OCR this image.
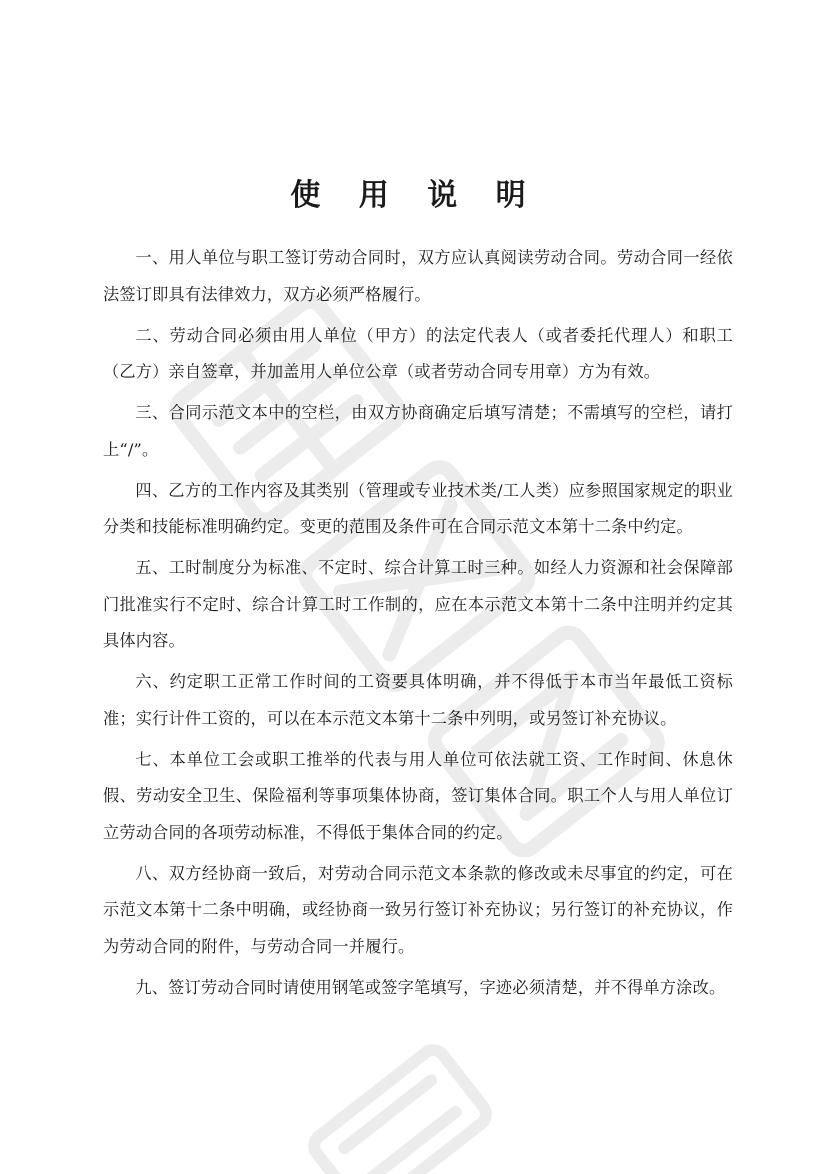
使 用 说 明

一、用人单位与职工签订劳动合同时，双方应认真阅读劳动合同。劳动合同一经依法签订即具有法律效力，双方必须严格履行。

二、劳动合同必须由用人单位（甲方）的法定代表人（或者委托代理人）和职工（乙方）亲自签章，并加盖用人单位公章（或者劳动合同专用章）方为有效。

三、合同示范文本中的空栏，由双方协商确定后填写清楚；不需填写的空栏，请打上“/”。

四、乙方的工作内容及其类别（管理或专业技术类/工人类）应参照国家规定的职业分类和技能标准明确约定。变更的范围及条件可在合同示范文本第十二条中约定。

五、工时制度分为标准、不定时、综合计算工时三种。如经人力资源和社会保障部门批准实行不定时、综合计算工时工作制的，应在本示范文本第十二条中注明并约定其具体内容。

六、约定职工正常工作时间的工资要具体明确，并不得低于本市当年最低工资标准；实行计件工资的，可以在本示范文本第十二条中列明，或另签订补充协议。

七、本单位工会或职工推举的代表与用人单位可依法就工资、工作时间、休息休假、劳动安全卫生、保险福利等事项集体协商，签订集体合同。职工个人与用人单位订立劳动合同的各项劳动标准，不得低于集体合同的约定。

八、双方经协商一致后，对劳动合同示范文本条款的修改或未尽事宜的约定，可在示范文本第十二条中明确，或经协商一致另行签订补充协议；另行签订的补充协议，作为劳动合同的附件，与劳动合同一并履行。

九、签订劳动合同时请使用钢笔或签字笔填写，字迹必须清楚，并不得单方涂改。
